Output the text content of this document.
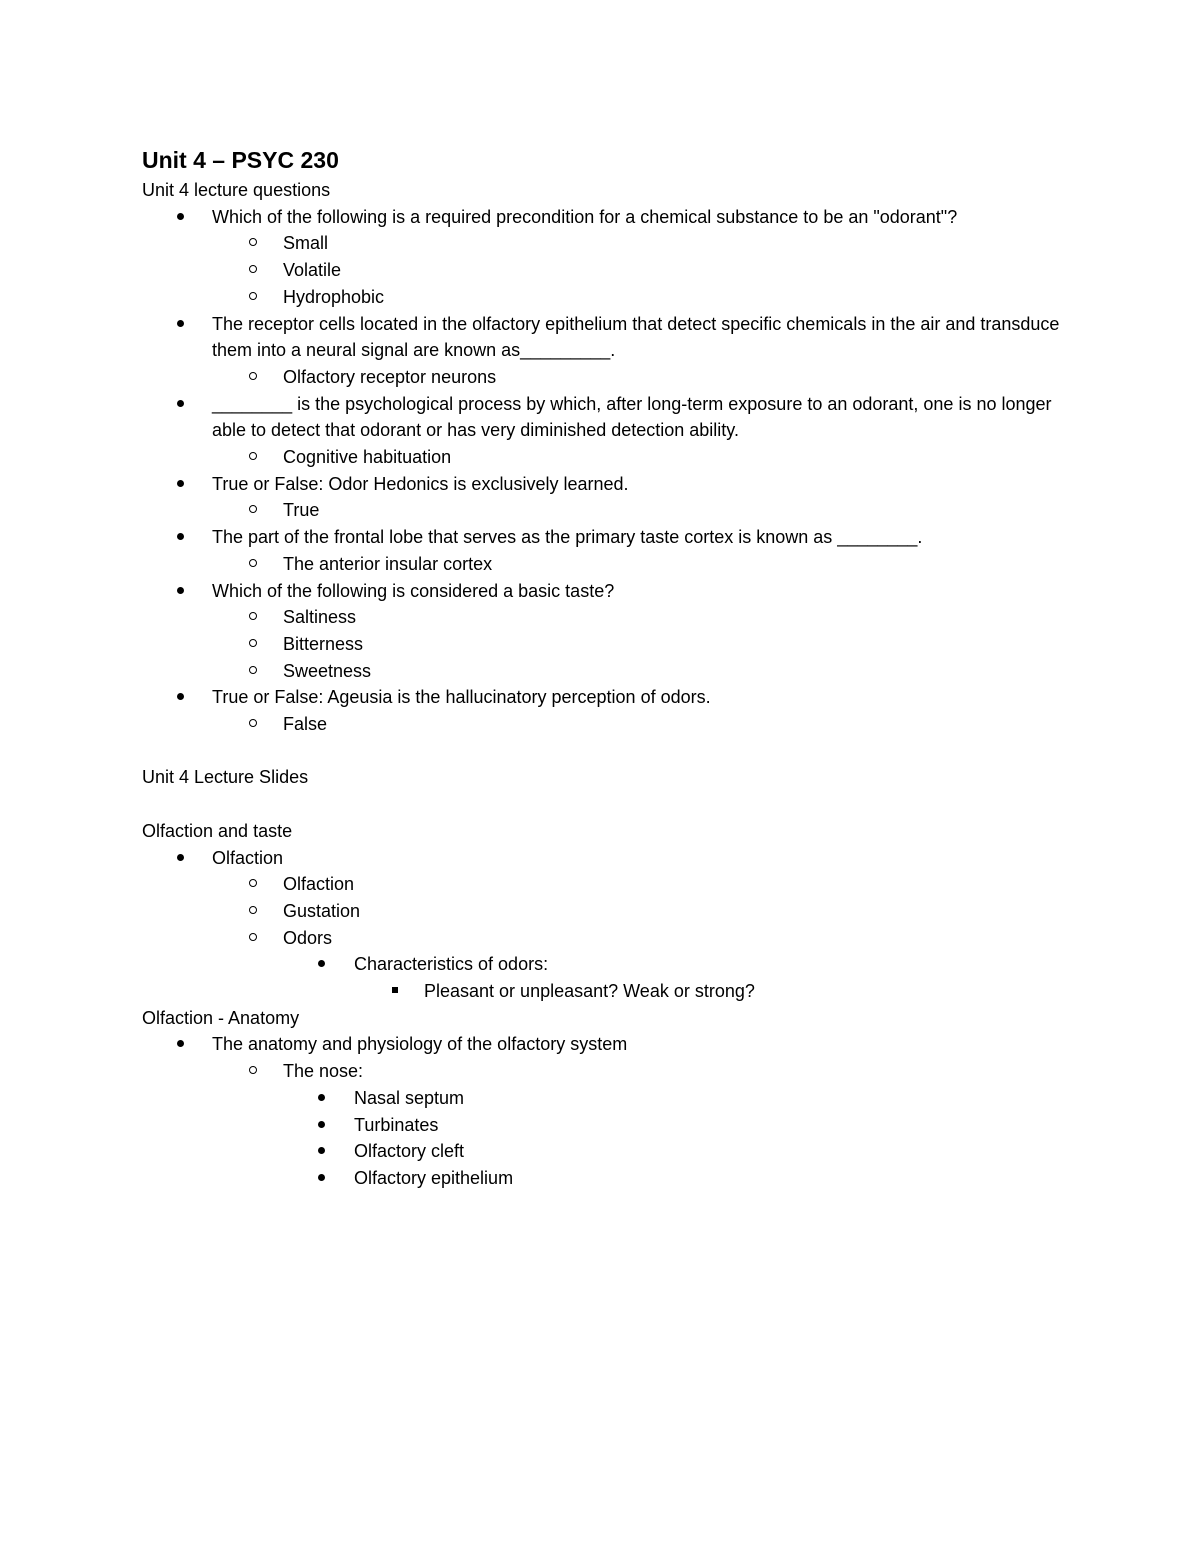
Unit 4 – PSYC 230
Unit 4 lecture questions
Which of the following is a required precondition for a chemical substance to be an "odorant"?
Small
Volatile
Hydrophobic
The receptor cells located in the olfactory epithelium that detect specific chemicals in the air and transduce them into a neural signal are known as_________.
Olfactory receptor neurons
________ is the psychological process by which, after long-term exposure to an odorant, one is no longer able to detect that odorant or has very diminished detection ability.
Cognitive habituation
True or False: Odor Hedonics is exclusively learned.
True
The part of the frontal lobe that serves as the primary taste cortex is known as ________.
The anterior insular cortex
Which of the following is considered a basic taste?
Saltiness
Bitterness
Sweetness
True or False: Ageusia is the hallucinatory perception of odors.
False
Unit 4 Lecture Slides
Olfaction and taste
Olfaction
Olfaction
Gustation
Odors
Characteristics of odors:
Pleasant or unpleasant? Weak or strong?
Olfaction - Anatomy
The anatomy and physiology of the olfactory system
The nose:
Nasal septum
Turbinates
Olfactory cleft
Olfactory epithelium
